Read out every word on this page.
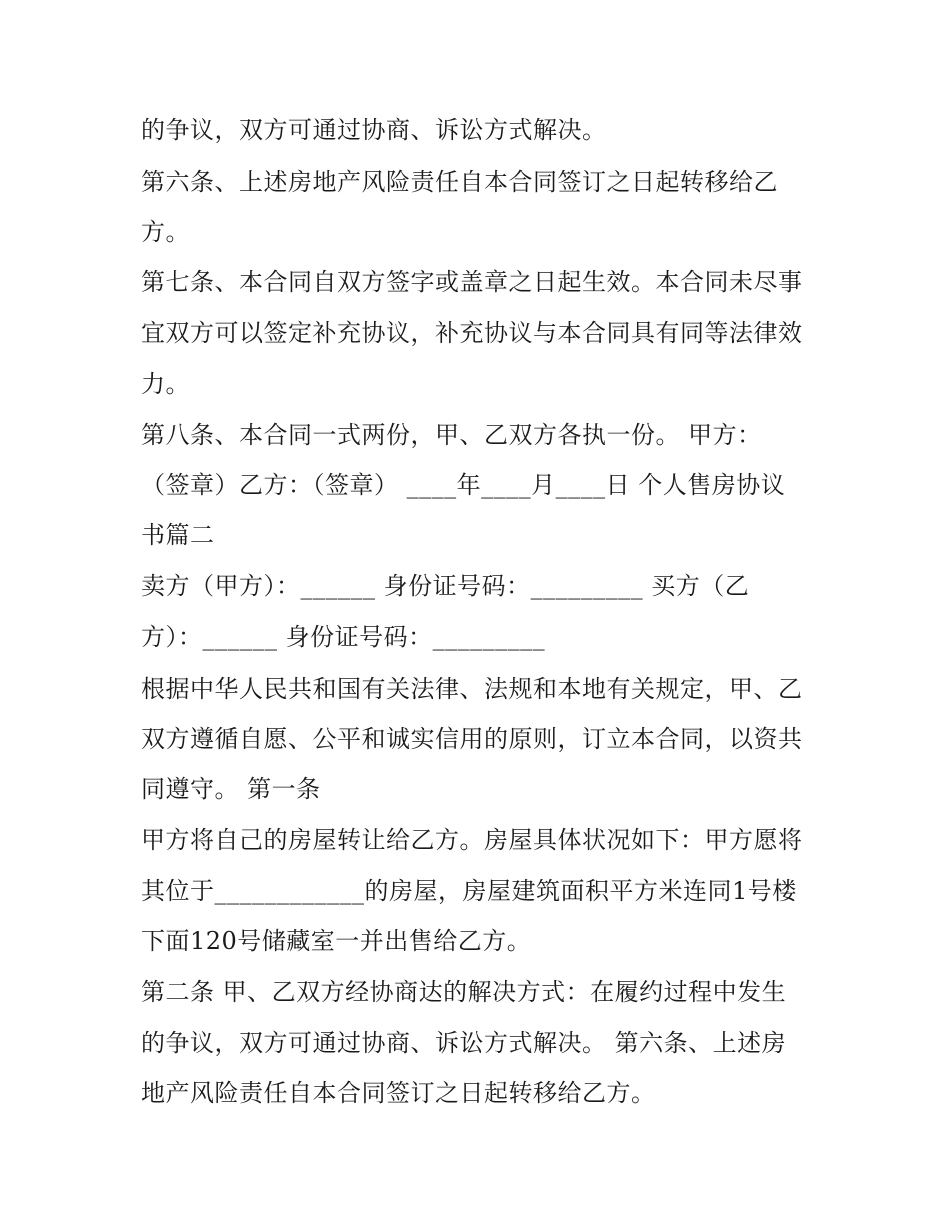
的争议，双方可通过协商、诉讼方式解决。
第六条、上述房地产风险责任自本合同签订之日起转移给乙
方。
第七条、本合同自双方签字或盖章之日起生效。本合同未尽事
宜双方可以签定补充协议，补充协议与本合同具有同等法律效
力。
第八条、本合同一式两份，甲、乙双方各执一份。 甲方：
（签章）乙方：（签章） ____年____月____日 个人售房协议
书篇二
卖方（甲方）：______ 身份证号码：_________ 买方（乙
方）：______ 身份证号码：_________
根据中华人民共和国有关法律、法规和本地有关规定，甲、乙
双方遵循自愿、公平和诚实信用的原则，订立本合同，以资共
同遵守。 第一条
甲方将自己的房屋转让给乙方。房屋具体状况如下：甲方愿将
其位于____________的房屋，房屋建筑面积平方米连同1号楼
下面120号储藏室一并出售给乙方。
第二条 甲、乙双方经协商达的解决方式：在履约过程中发生
的争议，双方可通过协商、诉讼方式解决。 第六条、上述房
地产风险责任自本合同签订之日起转移给乙方。
